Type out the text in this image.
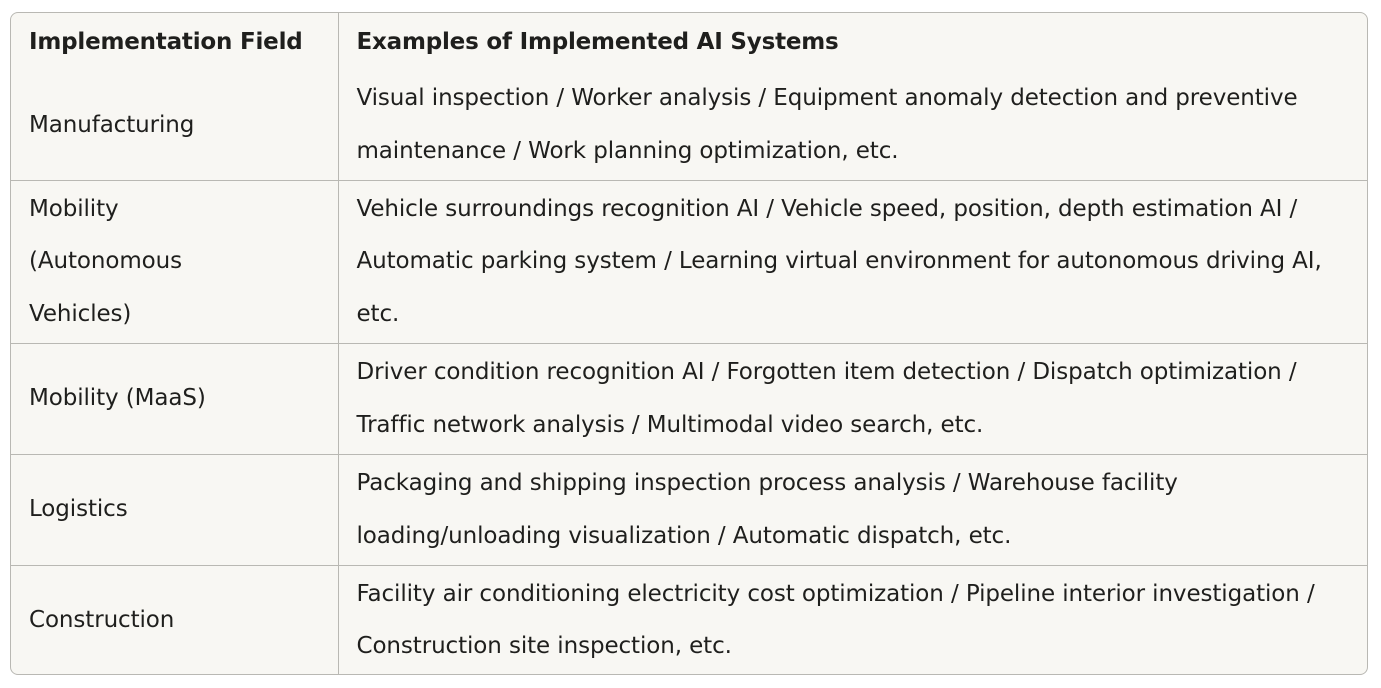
Implementation Field	Examples of Implemented AI Systems
Manufacturing	Visual inspection / Worker analysis / Equipment anomaly detection and preventive maintenance / Work planning optimization, etc.
Mobility (Autonomous Vehicles)	Vehicle surroundings recognition AI / Vehicle speed, position, depth estimation AI / Automatic parking system / Learning virtual environment for autonomous driving AI, etc.
Mobility (MaaS)	Driver condition recognition AI / Forgotten item detection / Dispatch optimization / Traffic network analysis / Multimodal video search, etc.
Logistics	Packaging and shipping inspection process analysis / Warehouse facility loading/unloading visualization / Automatic dispatch, etc.
Construction	Facility air conditioning electricity cost optimization / Pipeline interior investigation / Construction site inspection, etc.
